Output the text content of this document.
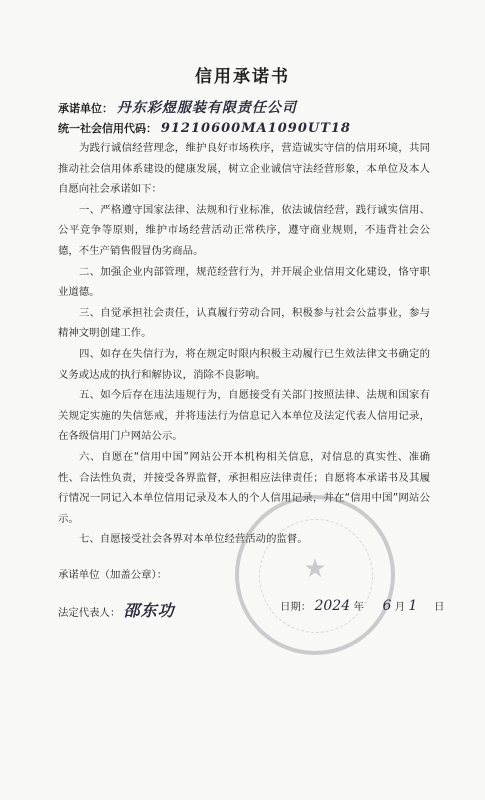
信用承诺书
承诺单位： 丹东彩煜服装有限责任公司
统一社会信用代码： 91210600MA1090UT18

为践行诚信经营理念，维护良好市场秩序，营造诚实守信的信用环境，共同推动社会信用体系建设的健康发展，树立企业诚信守法经营形象，本单位及本人自愿向社会承诺如下：

一、严格遵守国家法律、法规和行业标准，依法诚信经营，践行诚实信用、公平竞争等原则，维护市场经营活动正常秩序，遵守商业规则，不违背社会公德，不生产销售假冒伪劣商品。

二、加强企业内部管理，规范经营行为，并开展企业信用文化建设，恪守职业道德。

三、自觉承担社会责任，认真履行劳动合同，积极参与社会公益事业，参与精神文明创建工作。

四、如存在失信行为，将在规定时限内积极主动履行已生效法律文书确定的义务或达成的执行和解协议，消除不良影响。

五、如今后存在违法违规行为，自愿接受有关部门按照法律、法规和国家有关规定实施的失信惩戒，并将违法行为信息记入本单位及法定代表人信用记录，在各级信用门户网站公示。

六、自愿在“信用中国”网站公开本机构相关信息，对信息的真实性、准确性、合法性负责，并接受各界监督，承担相应法律责任；自愿将本承诺书及其履行情况一同记入本单位信用记录及本人的个人信用记录，并在“信用中国”网站公示。

七、自愿接受社会各界对本单位经营活动的监督。

★
承诺单位（加盖公章）：
法定代表人： 邵东功	日期： 2024 年 6 月 1 日
